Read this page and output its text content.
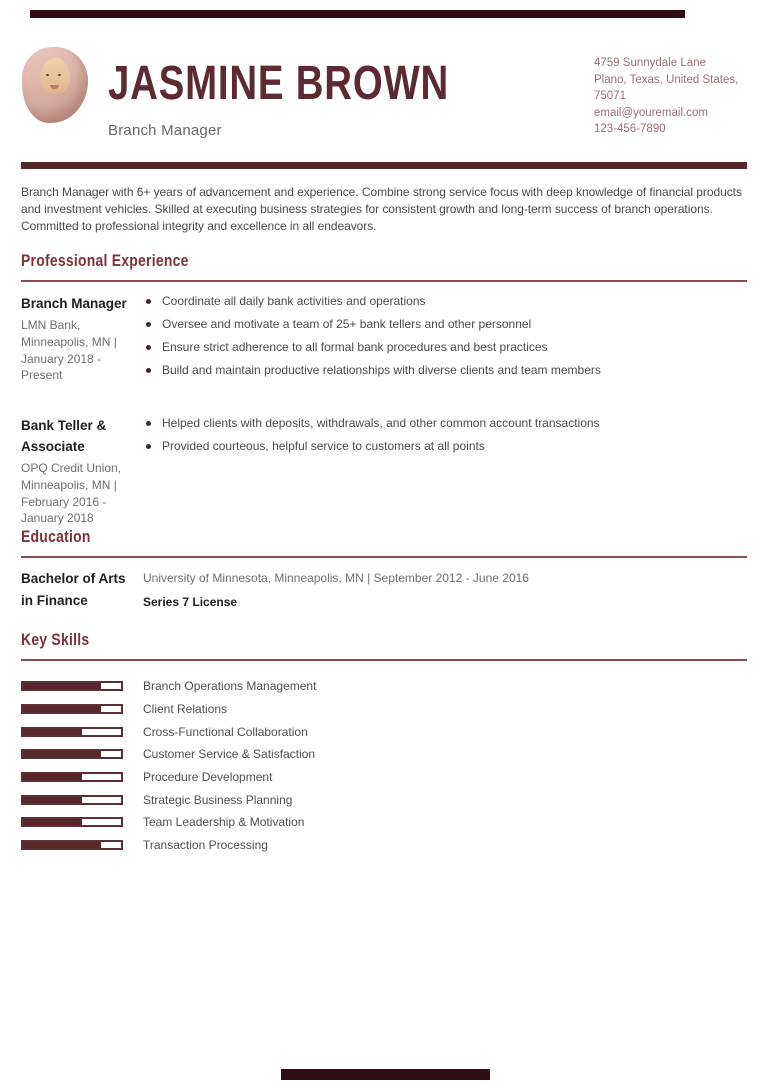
JASMINE BROWN
Branch Manager
4759 Sunnydale Lane
Plano, Texas, United States,
75071
email@youremail.com
123-456-7890
Branch Manager with 6+ years of advancement and experience. Combine strong service focus with deep knowledge of financial products and investment vehicles. Skilled at executing business strategies for consistent growth and long-term success of branch operations. Committed to professional integrity and excellence in all endeavors.
Professional Experience
Branch Manager
LMN Bank, Minneapolis, MN | January 2018 - Present
Coordinate all daily bank activities and operations
Oversee and motivate a team of 25+ bank tellers and other personnel
Ensure strict adherence to all formal bank procedures and best practices
Build and maintain productive relationships with diverse clients and team members
Bank Teller & Associate
OPQ Credit Union, Minneapolis, MN | February 2016 - January 2018
Helped clients with deposits, withdrawals, and other common account transactions
Provided courteous, helpful service to customers at all points
Education
Bachelor of Arts in Finance
University of Minnesota, Minneapolis, MN | September 2012 - June 2016
Series 7 License
Key Skills
Branch Operations Management
Client Relations
Cross-Functional Collaboration
Customer Service & Satisfaction
Procedure Development
Strategic Business Planning
Team Leadership & Motivation
Transaction Processing
